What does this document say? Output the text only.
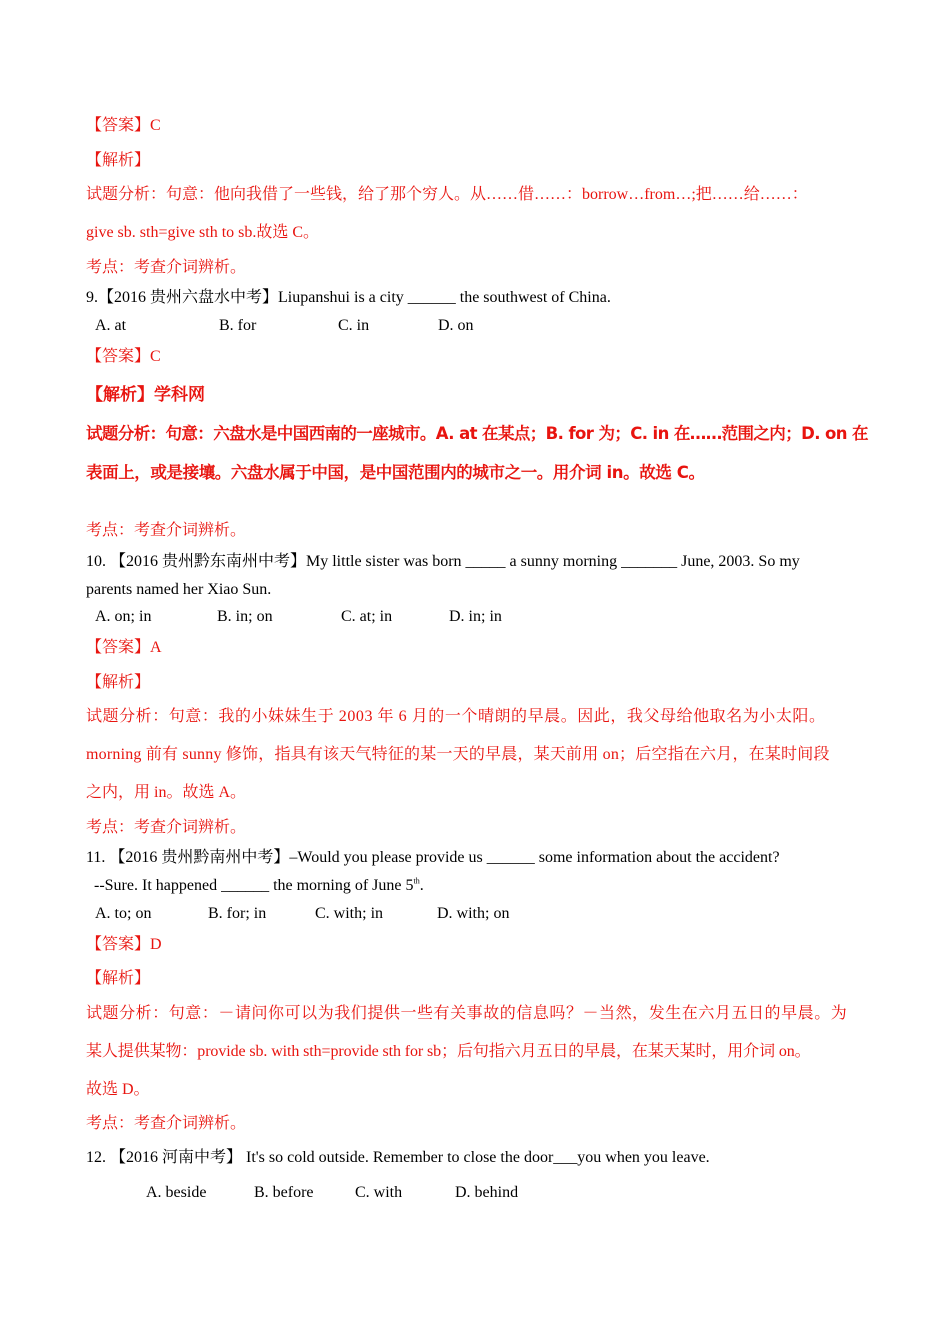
【答案】C
【解析】
试题分析：句意：他向我借了一些钱，给了那个穷人。从……借……：borrow…from…;把……给……：
give sb. sth=give sth to sb.故选 C。
考点：考查介词辨析。
9.【2016 贵州六盘水中考】Liupanshui is a city ______ the southwest of China.
A. at	B. for	C. in	D. on
【答案】C
【解析】学科网
试题分析：句意：六盘水是中国西南的一座城市。A. at 在某点；B. for 为；C. in 在……范围之内；D. on 在
表面上，或是接壤。六盘水属于中国，是中国范围内的城市之一。用介词 in。故选 C。
考点：考查介词辨析。
10. 【2016 贵州黔东南州中考】My little sister was born _____ a sunny morning _______ June, 2003. So my
parents named her Xiao Sun.
A. on; in	B. in; on	C. at; in	D. in; in
【答案】A
【解析】
试题分析：句意：我的小妹妹生于 2003 年 6 月的一个晴朗的早晨。因此，我父母给他取名为小太阳。
morning 前有 sunny 修饰，指具有该天气特征的某一天的早晨，某天前用 on；后空指在六月，在某时间段
之内，用 in。故选 A。
考点：考查介词辨析。
11. 【2016 贵州黔南州中考】–Would you please provide us ______ some information about the accident?
--Sure. It happened ______ the morning of June 5th.
A. to; on	B. for; in	C. with; in	D. with; on
【答案】D
【解析】
试题分析：句意：－请问你可以为我们提供一些有关事故的信息吗？－当然，发生在六月五日的早晨。为
某人提供某物：provide sb. with sth=provide sth for sb；后句指六月五日的早晨，在某天某时，用介词 on。
故选 D。
考点：考查介词辨析。
12. 【2016 河南中考】 It's so cold outside. Remember to close the door___you when you leave.
A. beside	B. before	C. with	D. behind
